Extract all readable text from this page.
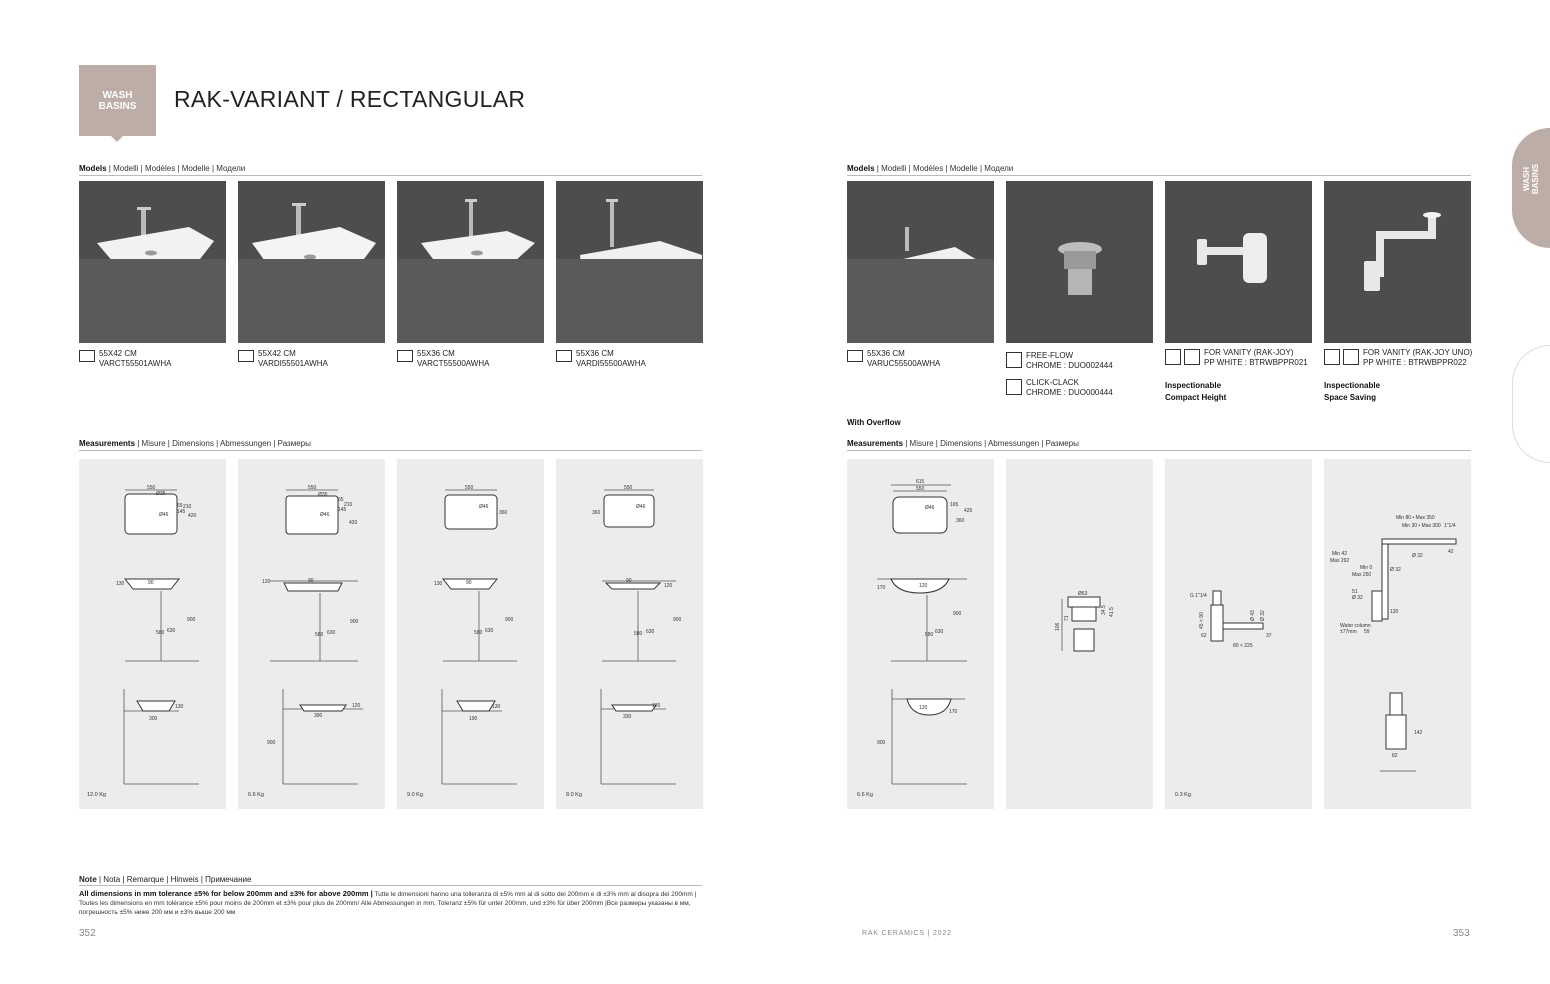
WASH
BASINS RAK-VARIANT / RECTANGULAR
WASH BASINS
Models | Modelli | Modèles | Modelle | Модели	Models | Modelli | Modèles | Modelle | Модели
55X42 CM
VARCT55501AWHA
55X42 CM
VARDI55501AWHA
55X36 CM
VARCT55500AWHA
55X36 CM
VARDI55500AWHA
55X36 CM
VARUC55500AWHA
FREE-FLOW
CHROME : DUO002444
CLICK-CLACK
CHROME : DUO000444
FOR VANITY (RAK-JOY)
PP WHITE : BTRWBPPR021
Inspectionable
Compact Height
FOR VANITY (RAK-JOY UNO)
PP WHITE : BTRWBPPR022
Inspectionable
Space Saving
With Overflow
Measurements | Misure | Dimensions | Abmessungen | Размеры	Measurements | Misure | Dimensions | Abmessungen | Размеры
550
Ø35
Ø46
65 210
145
420
130	90
900
580 630
130
300
12.0 Kg
550
Ø35
Ø46
65
210
145
420
120	90
900
580 630
120
390
900
6.6 Kg
550
Ø46
360
130	90
900
580 630
130
190
9.0 Kg
550
Ø46
360
90
120
900
580 630
120
330
8.0 Kg
615
550
Ø46	165
425
360
170	120
900
580 630
120
170
900
6.6 Kg
Ø63
106
71
34.5 41.5
G 1"1/4
45 < 90
62
80 < 225
Ø 43 Ø 32
37
0.3 Kg
Min 80 • Max 350
Min 30 • Max 300 1"1/4
Min 42
Max 292
Min 0
Max 250
Ø 32
Ø 32
42
51
Ø 32
120
Water column
±77mm 59
142
82
Note | Nota | Remarque | Hinweis | Примечание
All dimensions in mm tolerance ±5% for below 200mm and ±3% for above 200mm | Tutte le dimensioni hanno una tolleranza di ±5% mm al di sotto dei 200mm e di ±3% mm al disopra dei 200mm | Toutes les dimensions en mm tolérance ±5% pour moins de 200mm et ±3% pour plus de 200mm/ Alle Abmessungen in mm, Toleranz ±5% für unter 200mm, und ±3% für über 200mm |Все размеры указаны в мм, погрешность ±5% ниже 200 мм и ±3% выше 200 мм
352	RAK CERAMICS | 2022	353
